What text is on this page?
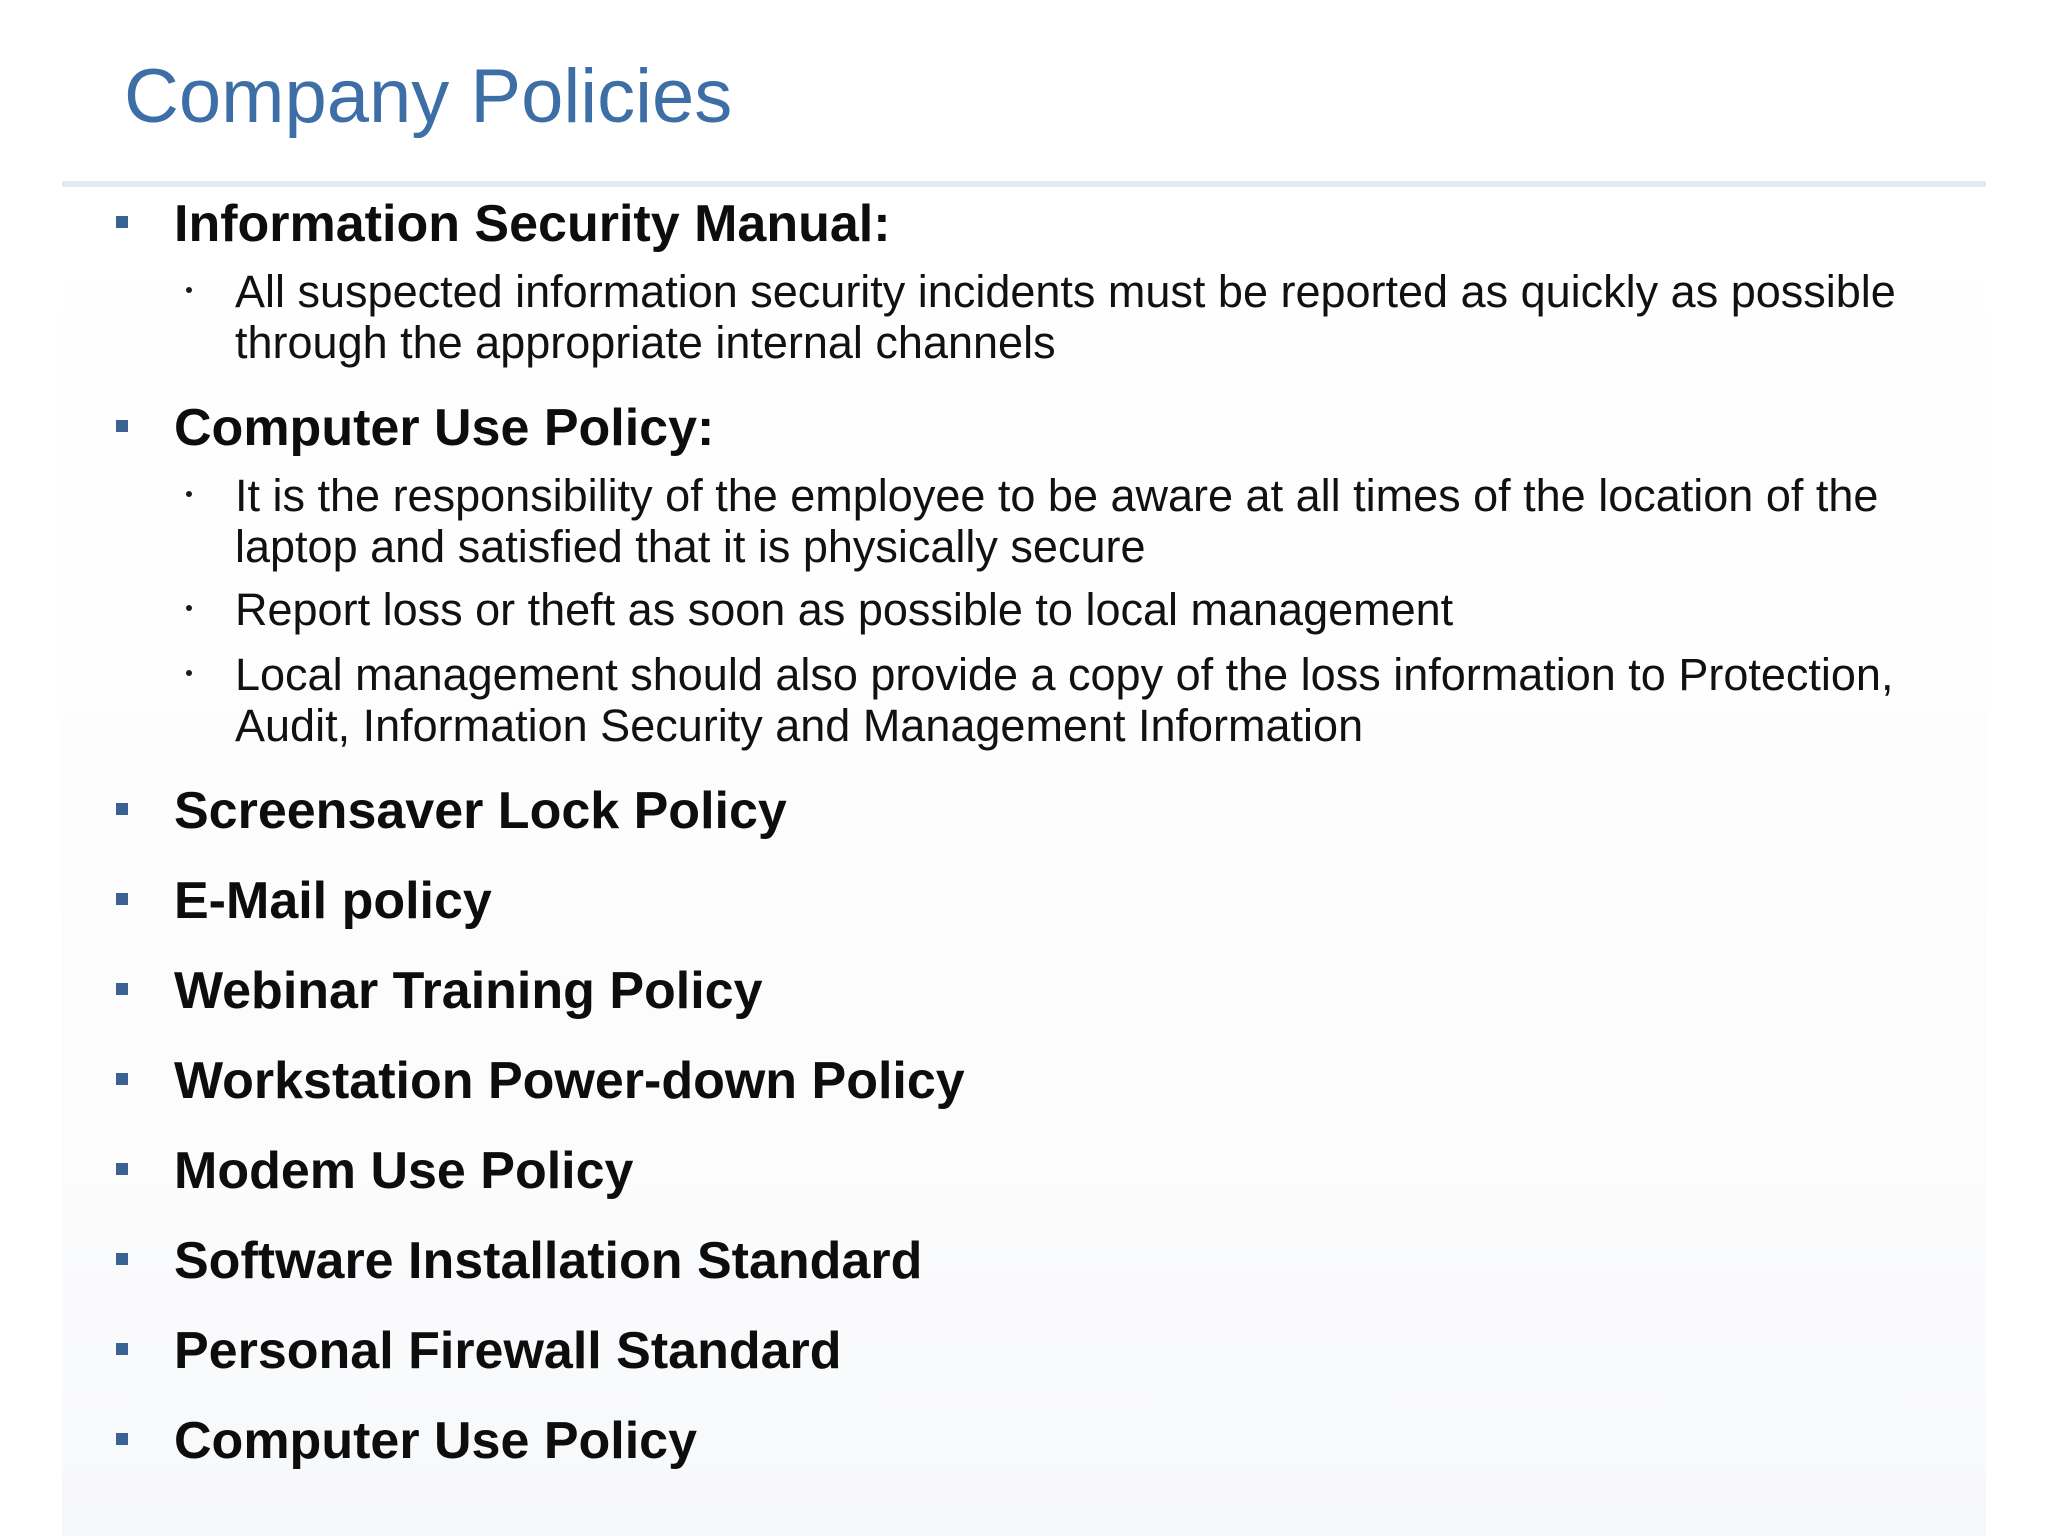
Company Policies
Information Security Manual:
All suspected information security incidents must be reported as quickly as possible through the appropriate internal channels
Computer Use Policy:
It is the responsibility of the employee to be aware at all times of the location of the laptop and satisfied that it is physically secure
Report loss or theft as soon as possible to local management
Local management should also provide a copy of the loss information to Protection, Audit, Information Security and Management Information
Screensaver Lock Policy
E-Mail policy
Webinar Training Policy
Workstation Power-down Policy
Modem Use Policy
Software Installation Standard
Personal Firewall Standard
Computer Use Policy
